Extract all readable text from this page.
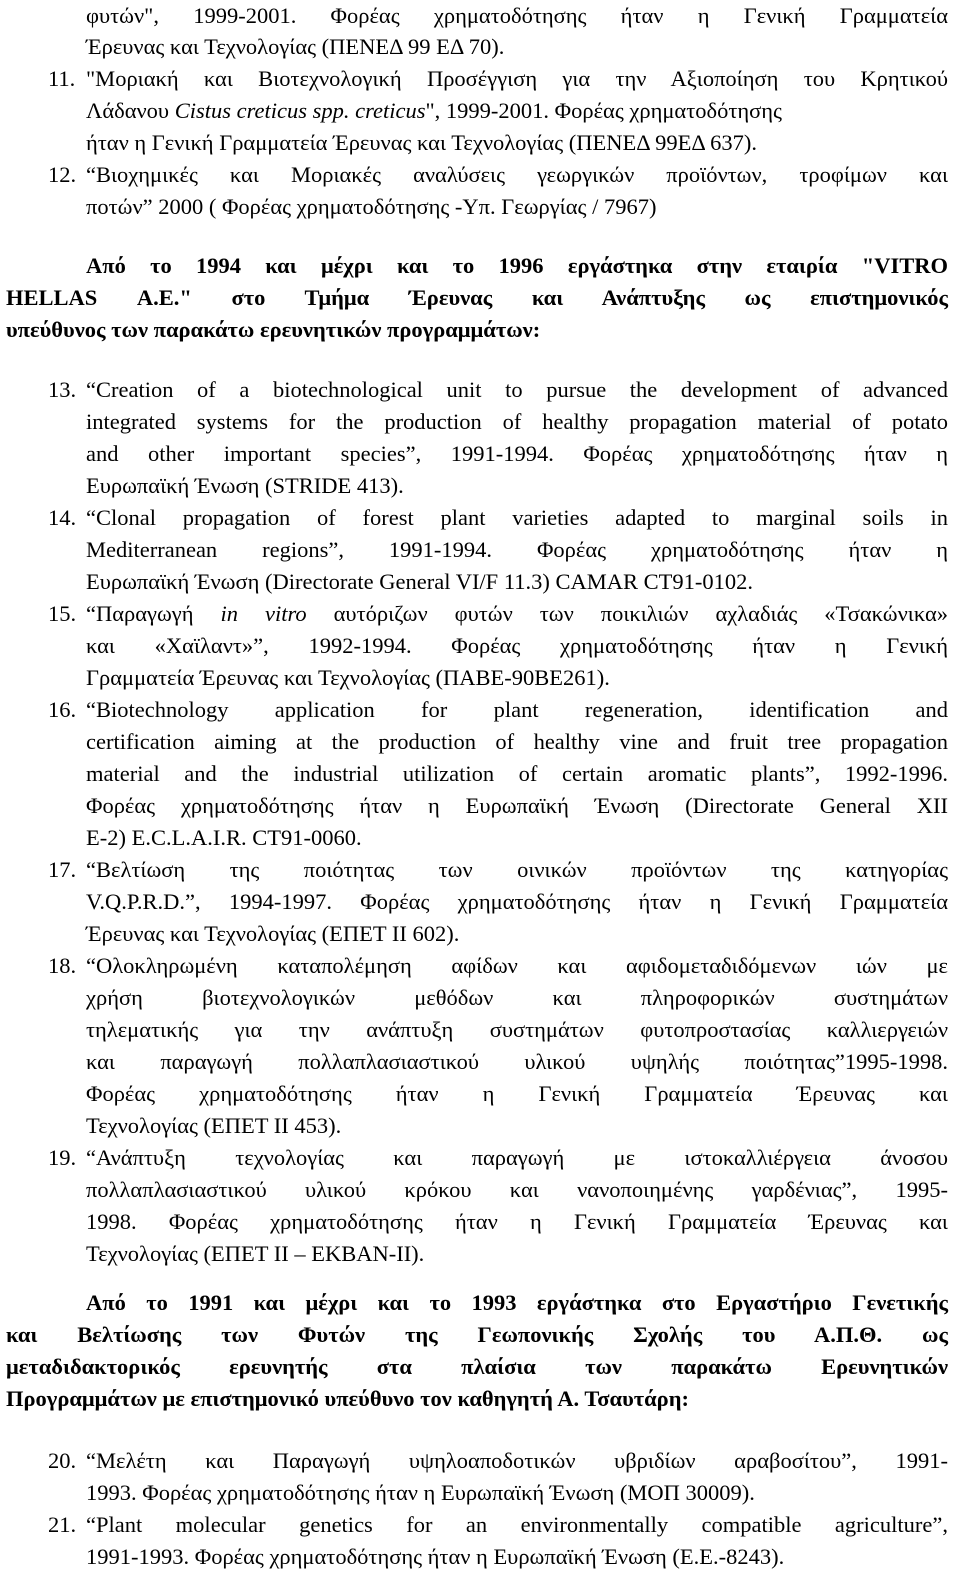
φυτών", 1999-2001. Φορέας χρηματοδότησης ήταν η Γενική Γραμματεία
Έρευνας και Τεχνολογίας (ΠΕΝΕΔ 99 ΕΔ 70).
11. "Μοριακή και Βιοτεχνολογική Προσέγγιση για την Αξιοποίηση του Κρητικού
Λάδανου Cistus creticus spp. creticus", 1999-2001. Φορέας χρηματοδότησης
ήταν η Γενική Γραμματεία Έρευνας και Τεχνολογίας (ΠΕΝΕΔ 99ΕΔ 637).
12. “Βιοχημικές και Μοριακές αναλύσεις γεωργικών προϊόντων, τροφίμων και
ποτών” 2000 ( Φορέας χρηματοδότησης -Υπ. Γεωργίας / 7967)
Από το 1994 και μέχρι και το 1996 εργάστηκα στην εταιρία "VITRO
HELLAS Α.Ε." στο Τμήμα Έρευνας και Ανάπτυξης ως επιστημονικός
υπεύθυνος των παρακάτω ερευνητικών προγραμμάτων:
13. “Creation of a biotechnological unit to pursue the development of advanced
integrated systems for the production of healthy propagation material of potato
and other important species”, 1991-1994. Φορέας χρηματοδότησης ήταν η
Ευρωπαϊκή Ένωση (STRIDE 413).
14. “Clonal propagation of forest plant varieties adapted to marginal soils in
Mediterranean regions”, 1991-1994. Φορέας χρηματοδότησης ήταν η
Ευρωπαϊκή Ένωση (Directorate General VI/F 11.3) CAMAR CT91-0102.
15. “Παραγωγή in vitro αυτόριζων φυτών των ποικιλιών αχλαδιάς «Τσακώνικα»
και «Χαϊλαντ»”, 1992-1994. Φορέας χρηματοδότησης ήταν η Γενική
Γραμματεία Έρευνας και Τεχνολογίας (ΠΑΒΕ-90ΒΕ261).
16. “Biotechnology application for plant regeneration, identification and
certification aiming at the production of healthy vine and fruit tree propagation
material and the industrial utilization of certain aromatic plants”, 1992-1996.
Φορέας χρηματοδότησης ήταν η Ευρωπαϊκή Ένωση (Directorate General XII
E-2) E.C.L.A.I.R. CT91-0060.
17. “Βελτίωση της ποιότητας των οινικών προϊόντων της κατηγορίας
V.Q.P.R.D.”, 1994-1997. Φορέας χρηματοδότησης ήταν η Γενική Γραμματεία
Έρευνας και Τεχνολογίας (ΕΠΕΤ ΙΙ 602).
18. “Ολοκληρωμένη καταπολέμηση αφίδων και αφιδομεταδιδόμενων ιών με
χρήση βιοτεχνολογικών μεθόδων και πληροφορικών συστημάτων
τηλεματικής για την ανάπτυξη συστημάτων φυτοπροστασίας καλλιεργειών
και παραγωγή πολλαπλασιαστικού υλικού υψηλής ποιότητας”1995-1998.
Φορέας χρηματοδότησης ήταν η Γενική Γραμματεία Έρευνας και
Τεχνολογίας (ΕΠΕΤ ΙΙ 453).
19. “Ανάπτυξη τεχνολογίας και παραγωγή με ιστοκαλλιέργεια άνοσου
πολλαπλασιαστικού υλικού κρόκου και νανοποιημένης γαρδένιας”, 1995-
1998. Φορέας χρηματοδότησης ήταν η Γενική Γραμματεία Έρευνας και
Τεχνολογίας (ΕΠΕΤ ΙΙ – ΕΚΒΑΝ-ΙΙ).
Από το 1991 και μέχρι και το 1993 εργάστηκα στο Εργαστήριο Γενετικής
και Βελτίωσης των Φυτών της Γεωπονικής Σχολής του Α.Π.Θ. ως
μεταδιδακτορικός ερευνητής στα πλαίσια των παρακάτω Ερευνητικών
Προγραμμάτων με επιστημονικό υπεύθυνο τον καθηγητή Α. Τσαυτάρη:
20. “Μελέτη και Παραγωγή υψηλοαποδοτικών υβριδίων αραβοσίτου”, 1991-
1993. Φορέας χρηματοδότησης ήταν η Ευρωπαϊκή Ένωση (ΜΟΠ 30009).
21. “Plant molecular genetics for an environmentally compatible agriculture”,
1991-1993. Φορέας χρηματοδότησης ήταν η Ευρωπαϊκή Ένωση (Ε.Ε.-8243).
